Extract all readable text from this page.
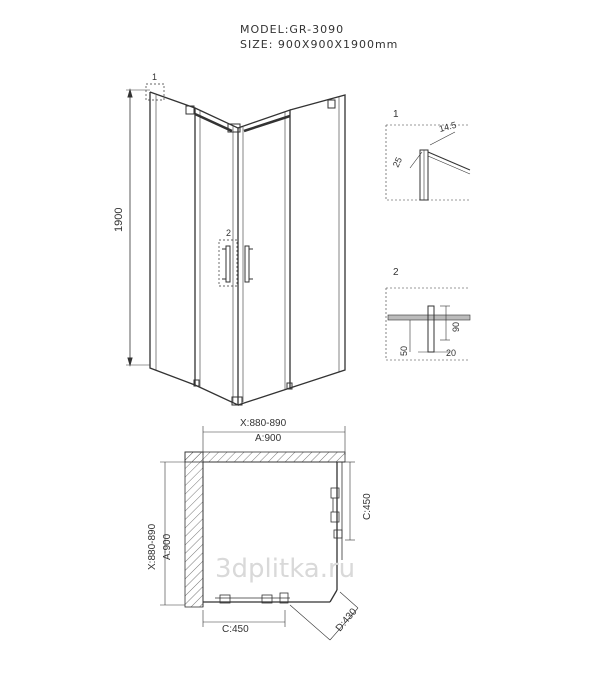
MODEL:GR-3090
SIZE: 900X900X1900mm
1900
1
2
1
14.5
25
2
90
50	20
X:880-890
A:900
X:880-890 A:900
C:450
C:450	D:430
3dplitka.ru
